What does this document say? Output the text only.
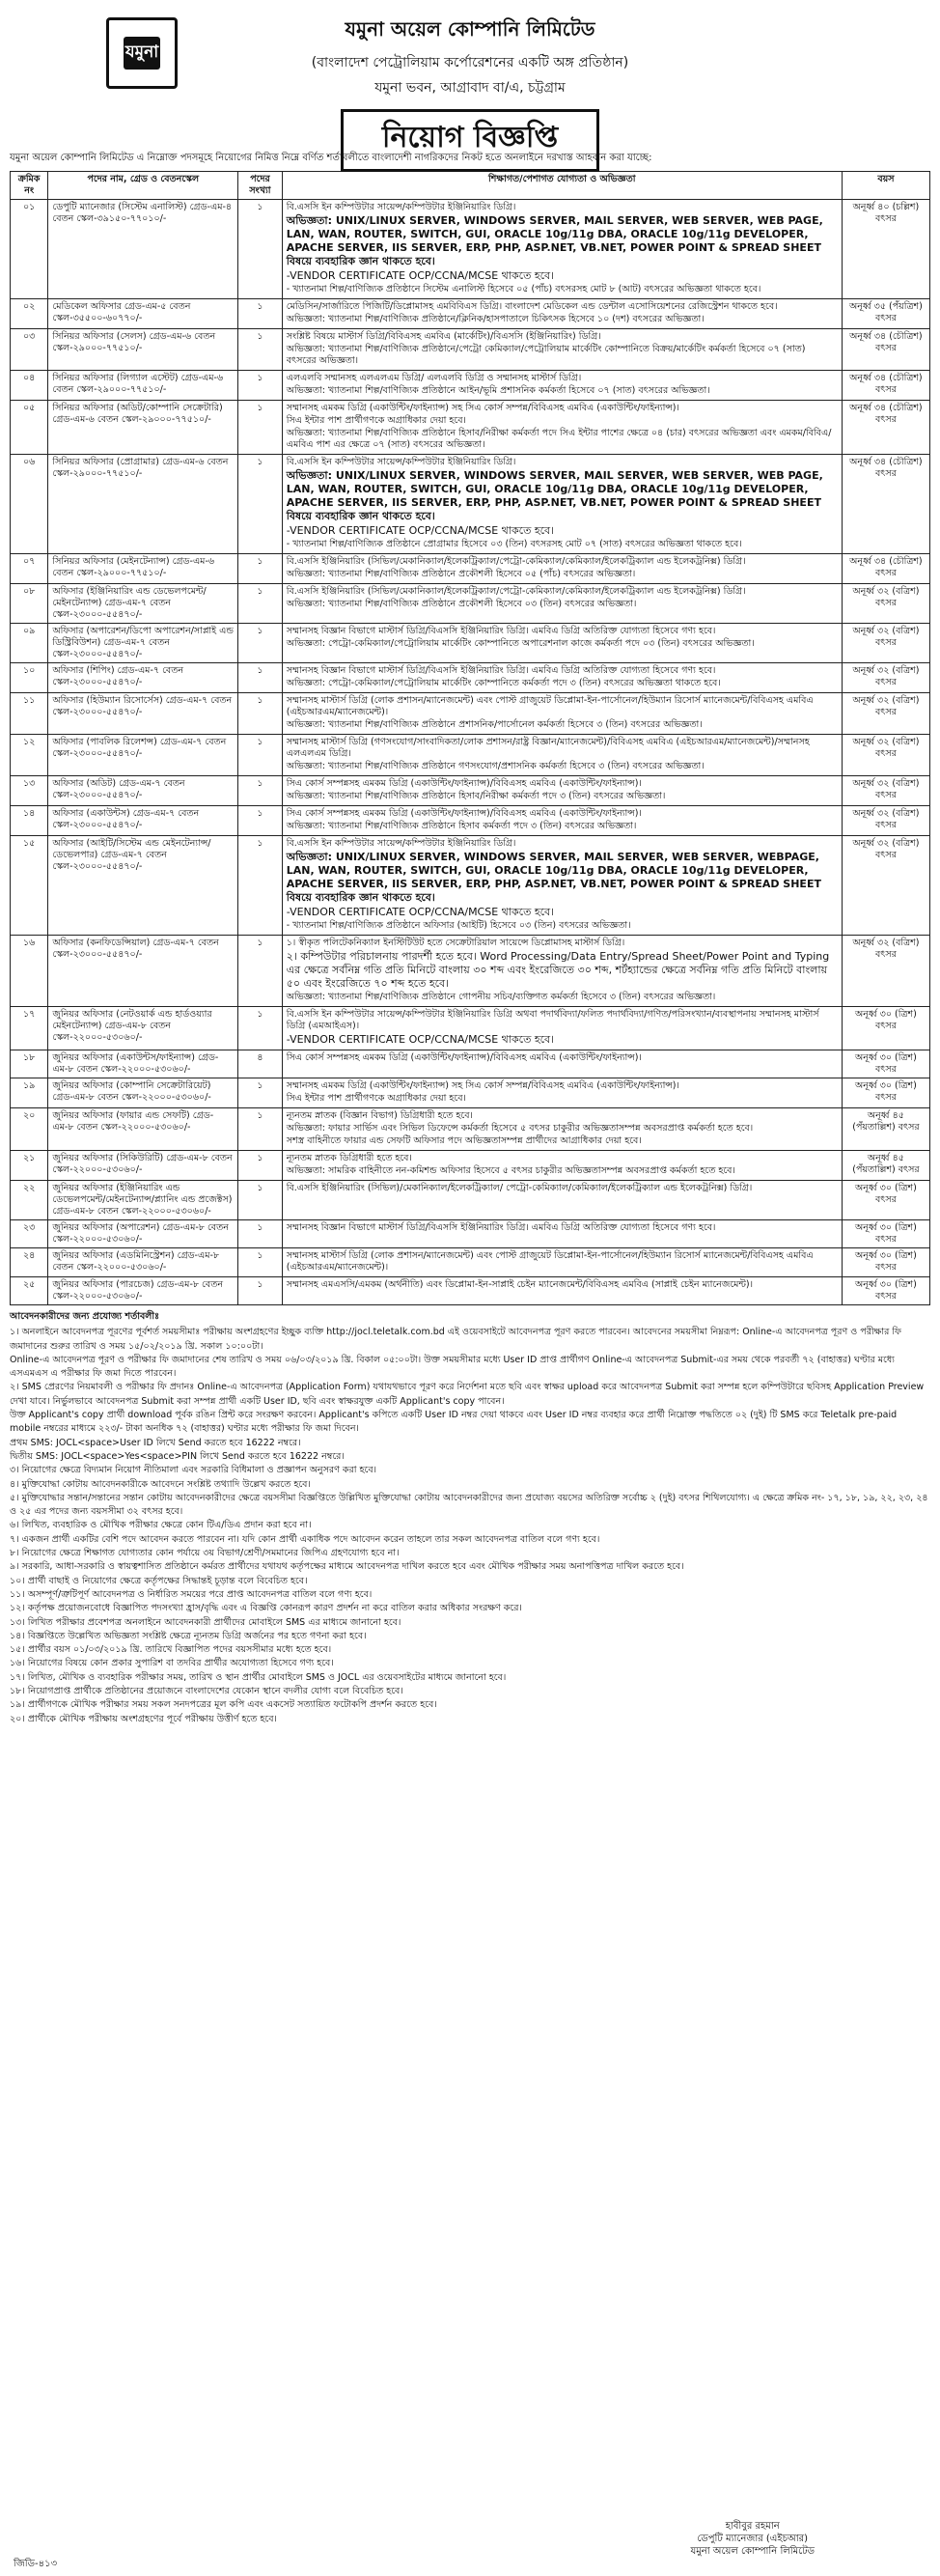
যমুনা
যমুনা অয়েল কোম্পানি লিমিটেড
(বাংলাদেশ পেট্রোলিয়াম কর্পোরেশনের একটি অঙ্গ প্রতিষ্ঠান)
যমুনা ভবন, আগ্রাবাদ বা/এ, চট্টগ্রাম
নিয়োগ বিজ্ঞপ্তি
যমুনা অয়েল কোম্পানি লিমিটেড এ নিম্নোক্ত পদসমূহে নিয়োগের নিমিত্ত নিম্নে বর্ণিত শর্তাবলীতে বাংলাদেশী নাগরিকদের নিকট হতে অনলাইনে দরখাস্ত আহবান করা যাচ্ছে:
ক্রমিক নং	পদের নাম, গ্রেড ও বেতনস্কেল	পদের সংখ্যা	শিক্ষাগত/পেশাগত যোগ্যতা ও অভিজ্ঞতা	বয়স
০১	ডেপুটি ম্যানেজার (সিস্টেম এনালিস্ট) গ্রেড-এম-৪ বেতন স্কেল-৩৯১৫০-৭৭০১০/-	১	বি.এসসি ইন কম্পিউটার সায়েন্স/কম্পিউটার ইঞ্জিনিয়ারিং ডিগ্রি।
অভিজ্ঞতা: UNIX/LINUX SERVER, WINDOWS SERVER, MAIL SERVER, WEB SERVER, WEB PAGE, LAN, WAN, ROUTER, SWITCH, GUI, ORACLE 10g/11g DBA, ORACLE 10g/11g DEVELOPER, APACHE SERVER, IIS SERVER, ERP, PHP, ASP.NET, VB.NET, POWER POINT & SPREAD SHEET বিষয়ে ব্যবহারিক জ্ঞান থাকতে হবে।
-VENDOR CERTIFICATE OCP/CCNA/MCSE থাকতে হবে।
- খ্যাতনামা শিল্প/বাণিজ্যিক প্রতিষ্ঠানে সিস্টেম এনালিস্ট হিসেবে ০৫ (পাঁচ) বৎসরসহ মোট ৮ (আট) বৎসরের অভিজ্ঞতা থাকতে হবে।	অনূর্ধ্ব ৪০ (চল্লিশ) বৎসর
০২	মেডিকেল অফিসার গ্রেড-এম-৫ বেতন স্কেল-৩৫৫০০-৬০৭৭০/-	১	মেডিসিন/সার্জারিতে পিজিটি/ডিপ্লোমাসহ এমবিবিএস ডিগ্রি। বাংলাদেশ মেডিকেল এন্ড ডেন্টাল এসোসিয়েশনের রেজিস্ট্রেশন থাকতে হবে।
অভিজ্ঞতা: খ্যাতনামা শিল্প/বাণিজ্যিক প্রতিষ্ঠানে/ক্লিনিক/হাসপাতালে চিকিৎসক হিসেবে ১০ (দশ) বৎসরের অভিজ্ঞতা।	অনূর্ধ্ব ৩৫ (পঁয়ত্রিশ) বৎসর
০৩	সিনিয়র অফিসার (সেলস) গ্রেড-এম-৬ বেতন স্কেল-২৯০০০-৭৭৫১০/-	১	সংশ্লিষ্ট বিষয়ে মাস্টার্স ডিগ্রি/বিবিএসহ এমবিএ (মার্কেটিং)/বিএসসি (ইঞ্জিনিয়ারিং) ডিগ্রি।
অভিজ্ঞতা: খ্যাতনামা শিল্প/বাণিজ্যিক প্রতিষ্ঠানে/পেট্রো কেমিক্যাল/পেট্রোলিয়াম মার্কেটিং কোম্পানিতে বিক্রয়/মার্কেটিং কর্মকর্তা হিসেবে ০৭ (সাত) বৎসরের অভিজ্ঞতা।	অনূর্ধ্ব ৩৪ (চৌত্রিশ) বৎসর
০৪	সিনিয়র অফিসার (লিগ্যাল এস্টেট) গ্রেড-এম-৬ বেতন স্কেল-২৯০০০-৭৭৫১০/-	১	এলএলবি সম্মানসহ এলএলএম ডিগ্রি/ এলএলবি ডিগ্রি ও সম্মানসহ মাস্টার্স ডিগ্রি।
অভিজ্ঞতা: খ্যাতনামা শিল্প/বাণিজ্যিক প্রতিষ্ঠানে আইন/ভূমি প্রশাসনিক কর্মকর্তা হিসেবে ০৭ (সাত) বৎসরের অভিজ্ঞতা।	অনূর্ধ্ব ৩৪ (চৌত্রিশ) বৎসর
০৫	সিনিয়র অফিসার (অডিট/কোম্পানি সেক্রেটারি) গ্রেড-এম-৬ বেতন স্কেল-২৯০০০-৭৭৫১০/-	১	সম্মানসহ এমকম ডিগ্রি (একাউন্টিং/ফাইন্যান্স) সহ সিএ কোর্স সম্পন্ন/বিবিএসহ এমবিএ (একাউন্টিং/ফাইন্যান্স)।
সিএ ইন্টার পাশ প্রার্থীগণকে অগ্রাধিকার দেয়া হবে।
অভিজ্ঞতা: খ্যাতনামা শিল্প/বাণিজ্যিক প্রতিষ্ঠানে হিসাব/নিরীক্ষা কর্মকর্তা পদে সিএ ইন্টার পাশের ক্ষেত্রে ০৪ (চার) বৎসরের অভিজ্ঞতা এবং এমকম/বিবিএ/এমবিএ পাশ এর ক্ষেত্রে ০৭ (সাত) বৎসরের অভিজ্ঞতা।	অনূর্ধ্ব ৩৪ (চৌত্রিশ) বৎসর
০৬	সিনিয়র অফিসার (প্রোগ্রামার) গ্রেড-এম-৬ বেতন স্কেল-২৯০০০-৭৭৫১০/-	১	বি.এসসি ইন কম্পিউটার সায়েন্স/কম্পিউটার ইঞ্জিনিয়ারিং ডিগ্রি।
অভিজ্ঞতা: UNIX/LINUX SERVER, WINDOWS SERVER, MAIL SERVER, WEB SERVER, WEB PAGE, LAN, WAN, ROUTER, SWITCH, GUI, ORACLE 10g/11g DBA, ORACLE 10g/11g DEVELOPER, APACHE SERVER, IIS SERVER, ERP, PHP, ASP.NET, VB.NET, POWER POINT & SPREAD SHEET বিষয়ে ব্যবহারিক জ্ঞান থাকতে হবে।
-VENDOR CERTIFICATE OCP/CCNA/MCSE থাকতে হবে।
- খ্যাতনামা শিল্প/বাণিজ্যিক প্রতিষ্ঠানে প্রোগ্রামার হিসেবে ০৩ (তিন) বৎসরসহ মোট ০৭ (সাত) বৎসরের অভিজ্ঞতা থাকতে হবে।	অনূর্ধ্ব ৩৪ (চৌত্রিশ) বৎসর
০৭	সিনিয়র অফিসার (মেইনটেন্যান্স) গ্রেড-এম-৬ বেতন স্কেল-২৯০০০-৭৭৫১০/-	১	বি.এসসি ইঞ্জিনিয়ারিং (সিভিল/মেকানিক্যাল/ইলেকট্রিক্যাল/পেট্রো-কেমিক্যাল/কেমিক্যাল/ইলেকট্রিক্যাল এন্ড ইলেকট্রনিক্স) ডিগ্রি।
অভিজ্ঞতা: খ্যাতনামা শিল্প/বাণিজ্যিক প্রতিষ্ঠানে প্রকৌশলী হিসেবে ০৫ (পাঁচ) বৎসরের অভিজ্ঞতা।	অনূর্ধ্ব ৩৪ (চৌত্রিশ) বৎসর
০৮	অফিসার (ইঞ্জিনিয়ারিং এন্ড ডেভেলপমেন্ট/মেইনটেন্যান্স) গ্রেড-এম-৭ বেতন স্কেল-২৩০০০-৫৫৪৭০/-	১	বি.এসসি ইঞ্জিনিয়ারিং (সিভিল/মেকানিক্যাল/ইলেকট্রিক্যাল/পেট্রো-কেমিক্যাল/কেমিক্যাল/ইলেকট্রিক্যাল এন্ড ইলেকট্রনিক্স) ডিগ্রি।
অভিজ্ঞতা: খ্যাতনামা শিল্প/বাণিজ্যিক প্রতিষ্ঠানে প্রকৌশলী হিসেবে ০৩ (তিন) বৎসরের অভিজ্ঞতা।	অনূর্ধ্ব ৩২ (বত্রিশ) বৎসর
০৯	অফিসার (অপারেশন/ডিপো অপারেশন/সাপ্লাই এন্ড ডিস্ট্রিবিউশন) গ্রেড-এম-৭ বেতন স্কেল-২৩০০০-৫৫৪৭০/-	১	সম্মানসহ বিজ্ঞান বিভাগে মাস্টার্স ডিগ্রি/বিএসসি ইঞ্জিনিয়ারিং ডিগ্রি। এমবিএ ডিগ্রি অতিরিক্ত যোগ্যতা হিসেবে গণ্য হবে।
অভিজ্ঞতা: পেট্রো-কেমিক্যাল/পেট্রোলিয়াম মার্কেটিং কোম্পানিতে অপারেশনাল কাজে কর্মকর্তা পদে ০৩ (তিন) বৎসরের অভিজ্ঞতা।	অনূর্ধ্ব ৩২ (বত্রিশ) বৎসর
১০	অফিসার (শিপিং) গ্রেড-এম-৭ বেতন স্কেল-২৩০০০-৫৫৪৭০/-	১	সম্মানসহ বিজ্ঞান বিভাগে মাস্টার্স ডিগ্রি/বিএসসি ইঞ্জিনিয়ারিং ডিগ্রি। এমবিএ ডিগ্রি অতিরিক্ত যোগ্যতা হিসেবে গণ্য হবে।
অভিজ্ঞতা: পেট্রো-কেমিক্যাল/পেট্রোলিয়াম মার্কেটিং কোম্পানিতে কর্মকর্তা পদে ৩ (তিন) বৎসরের অভিজ্ঞতা থাকতে হবে।	অনূর্ধ্ব ৩২ (বত্রিশ) বৎসর
১১	অফিসার (হিউম্যান রিসোর্সেস) গ্রেড-এম-৭ বেতন স্কেল-২৩০০০-৫৫৪৭০/-	১	সম্মানসহ মাস্টার্স ডিগ্রি (লোক প্রশাসন/ম্যানেজমেন্ট) এবং পোস্ট গ্রাজুয়েট ডিপ্লোমা-ইন-পার্সোনেল/হিউম্যান রিসোর্স ম্যানেজমেন্ট/বিবিএসহ এমবিএ (এইচআরএম/ম্যানেজমেন্ট)।
অভিজ্ঞতা: খ্যাতনামা শিল্প/বাণিজ্যিক প্রতিষ্ঠানে প্রশাসনিক/পার্সোনেল কর্মকর্তা হিসেবে ৩ (তিন) বৎসরের অভিজ্ঞতা।	অনূর্ধ্ব ৩২ (বত্রিশ) বৎসর
১২	অফিসার (পাবলিক রিলেশন্স) গ্রেড-এম-৭ বেতন স্কেল-২৩০০০-৫৫৪৭০/-	১	সম্মানসহ মাস্টার্স ডিগ্রি (গণসংযোগ/সাংবাদিকতা/লোক প্রশাসন/রাষ্ট্র বিজ্ঞান/ম্যানেজমেন্ট)/বিবিএসহ এমবিএ (এইচআরএম/ম্যানেজমেন্ট)/সম্মানসহ এলএলএম ডিগ্রি।
অভিজ্ঞতা: খ্যাতনামা শিল্প/বাণিজ্যিক প্রতিষ্ঠানে গণসংযোগ/প্রশাসনিক কর্মকর্তা হিসেবে ৩ (তিন) বৎসরের অভিজ্ঞতা।	অনূর্ধ্ব ৩২ (বত্রিশ) বৎসর
১৩	অফিসার (অডিট) গ্রেড-এম-৭ বেতন স্কেল-২৩০০০-৫৫৪৭০/-	১	সিএ কোর্স সম্পন্নসহ এমকম ডিগ্রি (একাউন্টিং/ফাইন্যান্স)/বিবিএসহ এমবিএ (একাউন্টিং/ফাইন্যান্স)।
অভিজ্ঞতা: খ্যাতনামা শিল্প/বাণিজ্যিক প্রতিষ্ঠানে হিসাব/নিরীক্ষা কর্মকর্তা পদে ৩ (তিন) বৎসরের অভিজ্ঞতা।	অনূর্ধ্ব ৩২ (বত্রিশ) বৎসর
১৪	অফিসার (একাউন্টস) গ্রেড-এম-৭ বেতন স্কেল-২৩০০০-৫৫৪৭০/-	১	সিএ কোর্স সম্পন্নসহ এমকম ডিগ্রি (একাউন্টিং/ফাইন্যান্স)/বিবিএসহ এমবিএ (একাউন্টিং/ফাইন্যান্স)।
অভিজ্ঞতা: খ্যাতনামা শিল্প/বাণিজ্যিক প্রতিষ্ঠানে হিসাব কর্মকর্তা পদে ৩ (তিন) বৎসরের অভিজ্ঞতা।	অনূর্ধ্ব ৩২ (বত্রিশ) বৎসর
১৫	অফিসার (আইটি/সিস্টেম এন্ড মেইনটেন্যান্স/ডেভেলপার) গ্রেড-এম-৭ বেতন স্কেল-২৩০০০-৫৫৪৭০/-	১	বি.এসসি ইন কম্পিউটার সায়েন্স/কম্পিউটার ইঞ্জিনিয়ারিং ডিগ্রি।
অভিজ্ঞতা: UNIX/LINUX SERVER, WINDOWS SERVER, MAIL SERVER, WEB SERVER, WEBPAGE, LAN, WAN, ROUTER, SWITCH, GUI, ORACLE 10g/11g DBA, ORACLE 10g/11g DEVELOPER, APACHE SERVER, IIS SERVER, ERP, PHP, ASP.NET, VB.NET, POWER POINT & SPREAD SHEET বিষয়ে ব্যবহারিক জ্ঞান থাকতে হবে।
-VENDOR CERTIFICATE OCP/CCNA/MCSE থাকতে হবে।
- খ্যাতনামা শিল্প/বাণিজ্যিক প্রতিষ্ঠানে অফিসার (আইটি) হিসেবে ০৩ (তিন) বৎসরের অভিজ্ঞতা।	অনূর্ধ্ব ৩২ (বত্রিশ) বৎসর
১৬	অফিসার (কনফিডেন্সিয়াল) গ্রেড-এম-৭ বেতন স্কেল-২৩০০০-৫৫৪৭০/-	১	১। স্বীকৃত পলিটেকনিক্যাল ইনস্টিটিউট হতে সেক্রেটারিয়াল সায়েন্সে ডিপ্লোমাসহ মাস্টার্স ডিগ্রি।
২। কম্পিউটার পরিচালনায় পারদর্শী হতে হবে। Word Processing/Data Entry/Spread Sheet/Power Point and Typing এর ক্ষেত্রে সর্বনিম্ন গতি প্রতি মিনিটে বাংলায় ৩০ শব্দ এবং ইংরেজিতে ৩০ শব্দ, শর্টহ্যান্ডের ক্ষেত্রে সর্বনিম্ন গতি প্রতি মিনিটে বাংলায় ৫০ এবং ইংরেজিতে ৭০ শব্দ হতে হবে।
অভিজ্ঞতা: খ্যাতনামা শিল্প/বাণিজ্যিক প্রতিষ্ঠানে গোপনীয় সচিব/ব্যক্তিগত কর্মকর্তা হিসেবে ৩ (তিন) বৎসরের অভিজ্ঞতা।	অনূর্ধ্ব ৩২ (বত্রিশ) বৎসর
১৭	জুনিয়র অফিসার (নেটওয়ার্ক এন্ড হার্ডওয়্যার মেইনটেন্যান্স) গ্রেড-এম-৮ বেতন স্কেল-২২০০০-৫৩০৬০/-	১	বি.এসসি ইন কম্পিউটার সায়েন্স/কম্পিউটার ইঞ্জিনিয়ারিং ডিগ্রি অথবা পদার্থবিদ্যা/ফলিত পদার্থবিদ্যা/গণিত/পরিসংখ্যান/ব্যবস্থাপনায় সম্মানসহ মাস্টার্স ডিগ্রি (এমআইএস)।
-VENDOR CERTIFICATE OCP/CCNA/MCSE থাকতে হবে।	অনূর্ধ্ব ৩০ (ত্রিশ) বৎসর
১৮	জুনিয়র অফিসার (একাউন্টস/ফাইন্যান্স) গ্রেড-এম-৮ বেতন স্কেল-২২০০০-৫৩০৬০/-	৪	সিএ কোর্স সম্পন্নসহ এমকম ডিগ্রি (একাউন্টিং/ফাইন্যান্স)/বিবিএসহ এমবিএ (একাউন্টিং/ফাইন্যান্স)।	অনূর্ধ্ব ৩০ (ত্রিশ) বৎসর
১৯	জুনিয়র অফিসার (কোম্পানি সেক্রেটারিয়েট) গ্রেড-এম-৮ বেতন স্কেল-২২০০০-৫৩০৬০/-	১	সম্মানসহ এমকম ডিগ্রি (একাউন্টিং/ফাইন্যান্স) সহ সিএ কোর্স সম্পন্ন/বিবিএসহ এমবিএ (একাউন্টিং/ফাইন্যান্স)।
সিএ ইন্টার পাশ প্রার্থীগণকে অগ্রাধিকার দেয়া হবে।	অনূর্ধ্ব ৩০ (ত্রিশ) বৎসর
২০	জুনিয়র অফিসার (ফায়ার এন্ড সেফটি) গ্রেড-এম-৮ বেতন স্কেল-২২০০০-৫৩০৬০/-	১	ন্যূনতম স্নাতক (বিজ্ঞান বিভাগ) ডিগ্রিধারী হতে হবে।
অভিজ্ঞতা: ফায়ার সার্ভিস এবং সিভিল ডিফেন্সে কর্মকর্তা হিসেবে ৫ বৎসর চাকুরীর অভিজ্ঞতাসম্পন্ন অবসরপ্রাপ্ত কর্মকর্তা হতে হবে।
সশস্ত্র বাহিনীতে ফায়ার এন্ড সেফটি অফিসার পদে অভিজ্ঞতাসম্পন্ন প্রার্থীদের আগ্রাধিকার দেয়া হবে।	অনূর্ধ্ব ৪৫ (পঁয়তাল্লিশ) বৎসর
২১	জুনিয়র অফিসার (সিকিউরিটি) গ্রেড-এম-৮ বেতন স্কেল-২২০০০-৫৩০৬০/-	১	ন্যূনতম স্নাতক ডিগ্রিধারী হতে হবে।
অভিজ্ঞতা: সামরিক বাহিনীতে নন-কমিশন্ড অফিসার হিসেবে ৫ বৎসর চাকুরীর অভিজ্ঞতাসম্পন্ন অবসরপ্রাপ্ত কর্মকর্তা হতে হবে।	অনূর্ধ্ব ৪৫ (পঁয়তাল্লিশ) বৎসর
২২	জুনিয়র অফিসার (ইঞ্জিনিয়ারিং এন্ড ডেভেলপমেন্ট/মেইনটেন্যান্স/প্ল্যানিং এন্ড প্রজেক্টস) গ্রেড-এম-৮ বেতন স্কেল-২২০০০-৫৩০৬০/-	১	বি.এসসি ইঞ্জিনিয়ারিং (সিভিল)/মেকানিক্যাল/ইলেকট্রিক্যাল/ পেট্রো-কেমিক্যাল/কেমিক্যাল/ইলেকট্রিক্যাল এন্ড ইলেকট্রনিক্স) ডিগ্রি।	অনূর্ধ্ব ৩০ (ত্রিশ) বৎসর
২৩	জুনিয়র অফিসার (অপারেশন) গ্রেড-এম-৮ বেতন স্কেল-২২০০০-৫৩০৬০/-	১	সম্মানসহ বিজ্ঞান বিভাগে মাস্টার্স ডিগ্রি/বিএসসি ইঞ্জিনিয়ারিং ডিগ্রি। এমবিএ ডিগ্রি অতিরিক্ত যোগ্যতা হিসেবে গণ্য হবে।	অনূর্ধ্ব ৩০ (ত্রিশ) বৎসর
২৪	জুনিয়র অফিসার (এডমিনিস্ট্রেশন) গ্রেড-এম-৮ বেতন স্কেল-২২০০০-৫৩০৬০/-	১	সম্মানসহ মাস্টার্স ডিগ্রি (লোক প্রশাসন/ম্যানেজমেন্ট) এবং পোস্ট গ্রাজুয়েট ডিপ্লোমা-ইন-পার্সোনেল/হিউম্যান রিসোর্স ম্যানেজমেন্ট/বিবিএসহ এমবিএ (এইচআরএম/ম্যানেজমেন্ট)।	অনূর্ধ্ব ৩০ (ত্রিশ) বৎসর
২৫	জুনিয়র অফিসার (পারচেজ) গ্রেড-এম-৮ বেতন স্কেল-২২০০০-৫৩০৬০/-	১	সম্মানসহ এমএসসি/এমকম (অর্থনীতি) এবং ডিপ্লোমা-ইন-সাপ্লাই চেইন ম্যানেজমেন্ট/বিবিএসহ এমবিএ (সাপ্লাই চেইন ম্যানেজমেন্ট)।	অনূর্ধ্ব ৩০ (ত্রিশ) বৎসর
আবেদনকারীদের জন্য প্রযোজ্য শর্তাবলীঃ

১। অনলাইনে আবেদনপত্র পূরণের পূর্বশর্ত সময়সীমাঃ পরীক্ষায় অংশগ্রহণের ইচ্ছুক ব্যক্তি http://jocl.teletalk.com.bd এই ওয়েবসাইটে আবেদনপত্র পূরণ করতে পারবেন। আবেদনের সময়সীমা নিম্নরূপ: Online-এ আবেদনপত্র পূরণ ও পরীক্ষার ফি জমাদানের শুরুর তারিখ ও সময় ১৫/০২/২০১৯ খ্রি. সকাল ১০:০০টা।

Online-এ আবেদনপত্র পূরণ ও পরীক্ষার ফি জমাদানের শেষ তারিখ ও সময় ০৬/০৩/২০১৯ খ্রি. বিকাল ০৫:০০টা। উক্ত সময়সীমার মধ্যে User ID প্রাপ্ত প্রার্থীগণ Online-এ আবেদনপত্র Submit-এর সময় থেকে পরবর্তী ৭২ (বাহাত্তর) ঘণ্টার মধ্যে এসএমএস এ পরীক্ষার ফি জমা দিতে পারবেন।

২। SMS প্রেরণের নিয়মাবলী ও পরীক্ষার ফি প্রদানঃ Online-এ আবেদনপত্র (Application Form) যথাযথভাবে পূরণ করে নির্দেশনা মতে ছবি এবং স্বাক্ষর upload করে আবেদনপত্র Submit করা সম্পন্ন হলে কম্পিউটারে ছবিসহ Application Preview দেখা যাবে। নির্ভুলভাবে আবেদনপত্র Submit করা সম্পন্ন প্রার্থী একটি User ID, ছবি এবং স্বাক্ষরযুক্ত একটি Applicant's copy পাবেন।

উক্ত Applicant's copy প্রার্থী download পূর্বক রঙিন প্রিন্ট করে সংরক্ষণ করবেন। Applicant's কপিতে একটি User ID নম্বর দেয়া থাকবে এবং User ID নম্বর ব্যবহার করে প্রার্থী নিম্নোক্ত পদ্ধতিতে ০২ (দুই) টি SMS করে Teletalk pre-paid mobile নম্বরের মাধ্যমে ২২৩/- টাকা অনধিক ৭২ (বাহাত্তর) ঘণ্টার মধ্যে পরীক্ষার ফি জমা দিবেন।

প্রথম SMS: JOCL<space>User ID লিখে Send করতে হবে 16222 নম্বরে।

দ্বিতীয় SMS: JOCL<space>Yes<space>PIN লিখে Send করতে হবে 16222 নম্বরে।

৩। নিয়োগের ক্ষেত্রে বিদ্যমান নিয়োগ নীতিমালা এবং সরকারি বিধিমালা ও প্রজ্ঞাপন অনুসরণ করা হবে।

৪। মুক্তিযোদ্ধা কোটায় আবেদনকারীকে আবেদনে সংশ্লিষ্ট তথ্যাদি উল্লেখ করতে হবে।

৫। মুক্তিযোদ্ধার সন্তান/সন্তানের সন্তান কোটায় আবেদনকারীদের ক্ষেত্রে বয়সসীমা বিজ্ঞপ্তিতে উল্লিখিত মুক্তিযোদ্ধা কোটায় আবেদনকারীদের জন্য প্রযোজ্য বয়সের অতিরিক্ত সর্বোচ্চ ২ (দুই) বৎসর শিথিলযোগ্য। এ ক্ষেত্রে ক্রমিক নং- ১৭, ১৮, ১৯, ২২, ২৩, ২৪ ও ২৫ এর পদের জন্য বয়সসীমা ৩২ বৎসর হবে।

৬। লিখিত, ব্যবহারিক ও মৌখিক পরীক্ষার ক্ষেত্রে কোন টিএ/ডিএ প্রদান করা হবে না।

৭। একজন প্রার্থী একটির বেশি পদে আবেদন করতে পারবেন না। যদি কোন প্রার্থী একাধিক পদে আবেদন করেন তাহলে তার সকল আবেদনপত্র বাতিল বলে গণ্য হবে।

৮। নিয়োগের ক্ষেত্রে শিক্ষাগত যোগ্যতার কোন পর্যায়ে ৩য় বিভাগ/শ্রেণী/সমমানের জিপিএ গ্রহণযোগ্য হবে না।

৯। সরকারি, আধা-সরকারি ও স্বায়ত্বশাসিত প্রতিষ্ঠানে কর্মরত প্রার্থীদের যথাযথ কর্তৃপক্ষের মাধ্যমে আবেদনপত্র দাখিল করতে হবে এবং মৌখিক পরীক্ষার সময় অনাপত্তিপত্র দাখিল করতে হবে।

১০। প্রার্থী বাছাই ও নিয়োগের ক্ষেত্রে কর্তৃপক্ষের সিদ্ধান্তই চূড়ান্ত বলে বিবেচিত হবে।

১১। অসম্পূর্ণ/ত্রুটিপূর্ণ আবেদনপত্র ও নির্ধারিত সময়ের পরে প্রাপ্ত আবেদনপত্র বাতিল বলে গণ্য হবে।

১২। কর্তৃপক্ষ প্রয়োজনবোধে বিজ্ঞাপিত পদসংখ্যা হ্রাস/বৃদ্ধি এবং এ বিজ্ঞপ্তি কোনরূপ কারণ প্রদর্শন না করে বাতিল করার অধিকার সংরক্ষণ করে।

১৩। লিখিত পরীক্ষার প্রবেশপত্র অনলাইনে আবেদনকারী প্রার্থীদের মোবাইলে SMS এর মাধ্যমে জানানো হবে।

১৪। বিজ্ঞপ্তিতে উল্লেখিত অভিজ্ঞতা সংশ্লিষ্ট ক্ষেত্রে ন্যূনতম ডিগ্রি অর্জনের পর হতে গণনা করা হবে।

১৫। প্রার্থীর বয়স ০১/০৩/২০১৯ খ্রি. তারিখে বিজ্ঞাপিত পদের বয়সসীমার মধ্যে হতে হবে।

১৬। নিয়োগের বিষয়ে কোন প্রকার সুপারিশ বা তদবির প্রার্থীর অযোগ্যতা হিসেবে গণ্য হবে।

১৭। লিখিত, মৌখিক ও ব্যবহারিক পরীক্ষার সময়, তারিখ ও স্থান প্রার্থীর মোবাইলে SMS ও JOCL এর ওয়েবসাইটের মাধ্যমে জানানো হবে।

১৮। নিয়োগপ্রাপ্ত প্রার্থীকে প্রতিষ্ঠানের প্রয়োজনে বাংলাদেশের যেকোন স্থানে বদলীর যোগ্য বলে বিবেচিত হবে।

১৯। প্রার্থীগণকে মৌখিক পরীক্ষার সময় সকল সনদপত্রের মূল কপি এবং একসেট সত্যায়িত ফটোকপি প্রদর্শন করতে হবে।

২০। প্রার্থীকে মৌখিক পরীক্ষায় অংশগ্রহণের পূর্বে পরীক্ষায় উত্তীর্ণ হতে হবে।

হাবীবুর রহমান
ডেপুটি ম্যানেজার (এইচআর)
যমুনা অয়েল কোম্পানি লিমিটেড
জিডি-৪১৩
